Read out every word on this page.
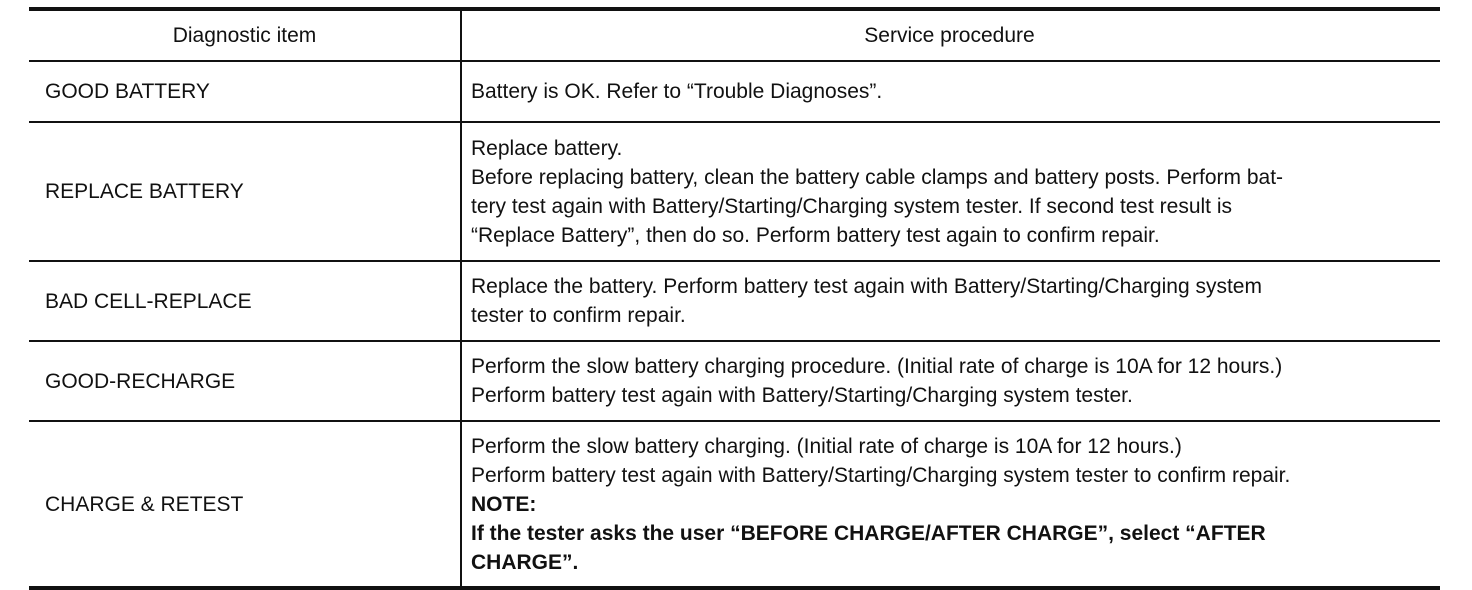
Diagnostic item	Service procedure
GOOD BATTERY	Battery is OK. Refer to “Trouble Diagnoses”.

REPLACE BATTERY	Replace battery.
Before replacing battery, clean the battery cable clamps and battery posts. Perform bat-
tery test again with Battery/Starting/Charging system tester. If second test result is
“Replace Battery”, then do so. Perform battery test again to confirm repair.

BAD CELL-REPLACE	Replace the battery. Perform battery test again with Battery/Starting/Charging system
tester to confirm repair.

GOOD-RECHARGE	Perform the slow battery charging procedure. (Initial rate of charge is 10A for 12 hours.)
Perform battery test again with Battery/Starting/Charging system tester.

CHARGE & RETEST	Perform the slow battery charging. (Initial rate of charge is 10A for 12 hours.)
Perform battery test again with Battery/Starting/Charging system tester to confirm repair.
NOTE:
If the tester asks the user “BEFORE CHARGE/AFTER CHARGE”, select “AFTER
CHARGE”.
